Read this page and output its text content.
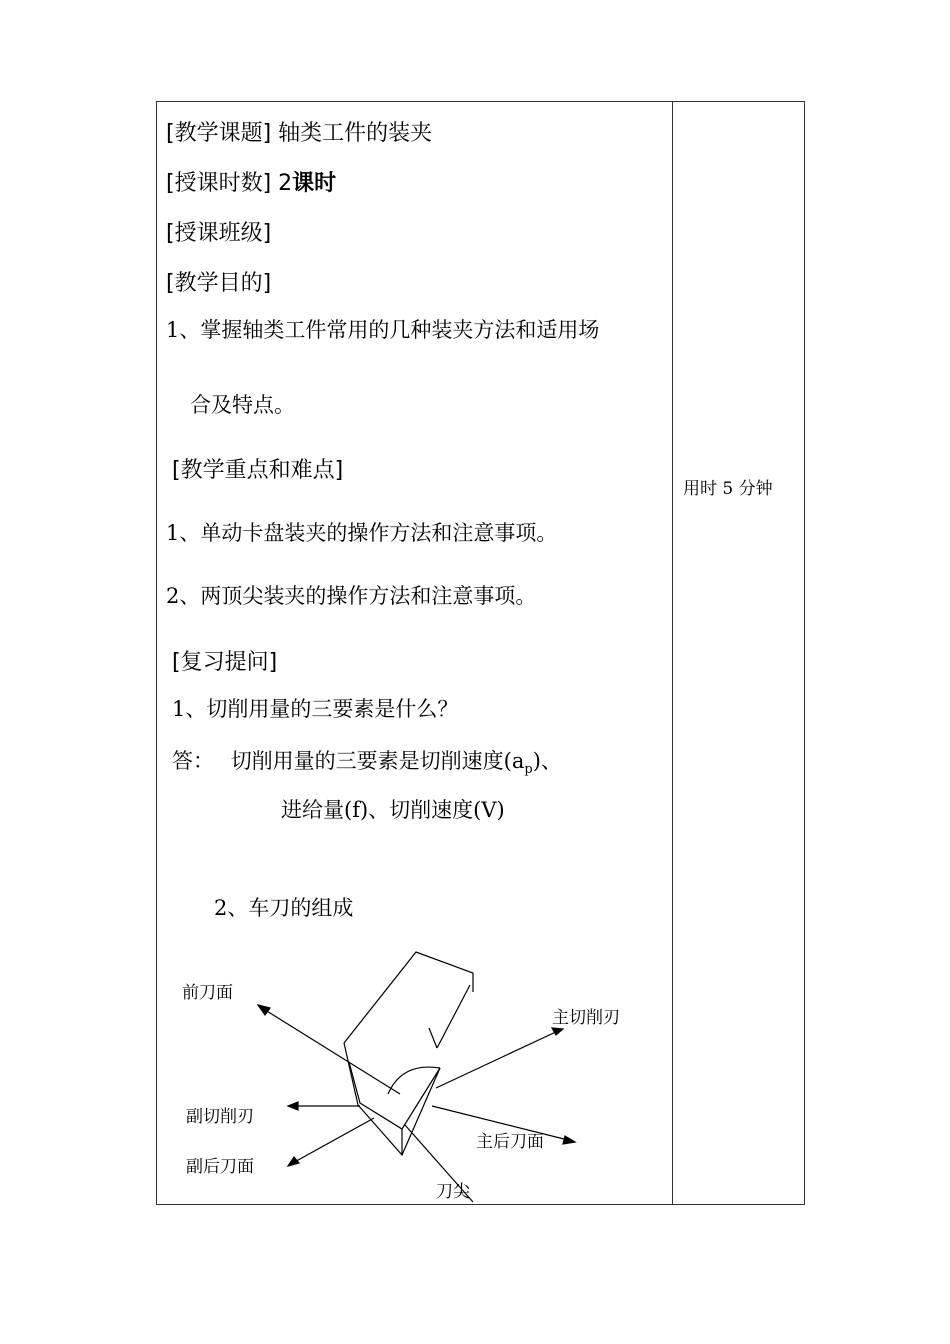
[教学课题] 轴类工件的装夹
[授课时数] 2课时
[授课班级]
[教学目的]
1、掌握轴类工件常用的几种装夹方法和适用场
合及特点。
[教学重点和难点]
1、单动卡盘装夹的操作方法和注意事项。
2、两顶尖装夹的操作方法和注意事项。
[复习提问]
1、切削用量的三要素是什么？
答： 切削用量的三要素是切削速度$(a_p)$、
进给量(f)、切削速度(V)
2、车刀的组成
用时 5 分钟
前刀面
主切削刃
副切削刃
主后刀面
副后刀面
刀尖
